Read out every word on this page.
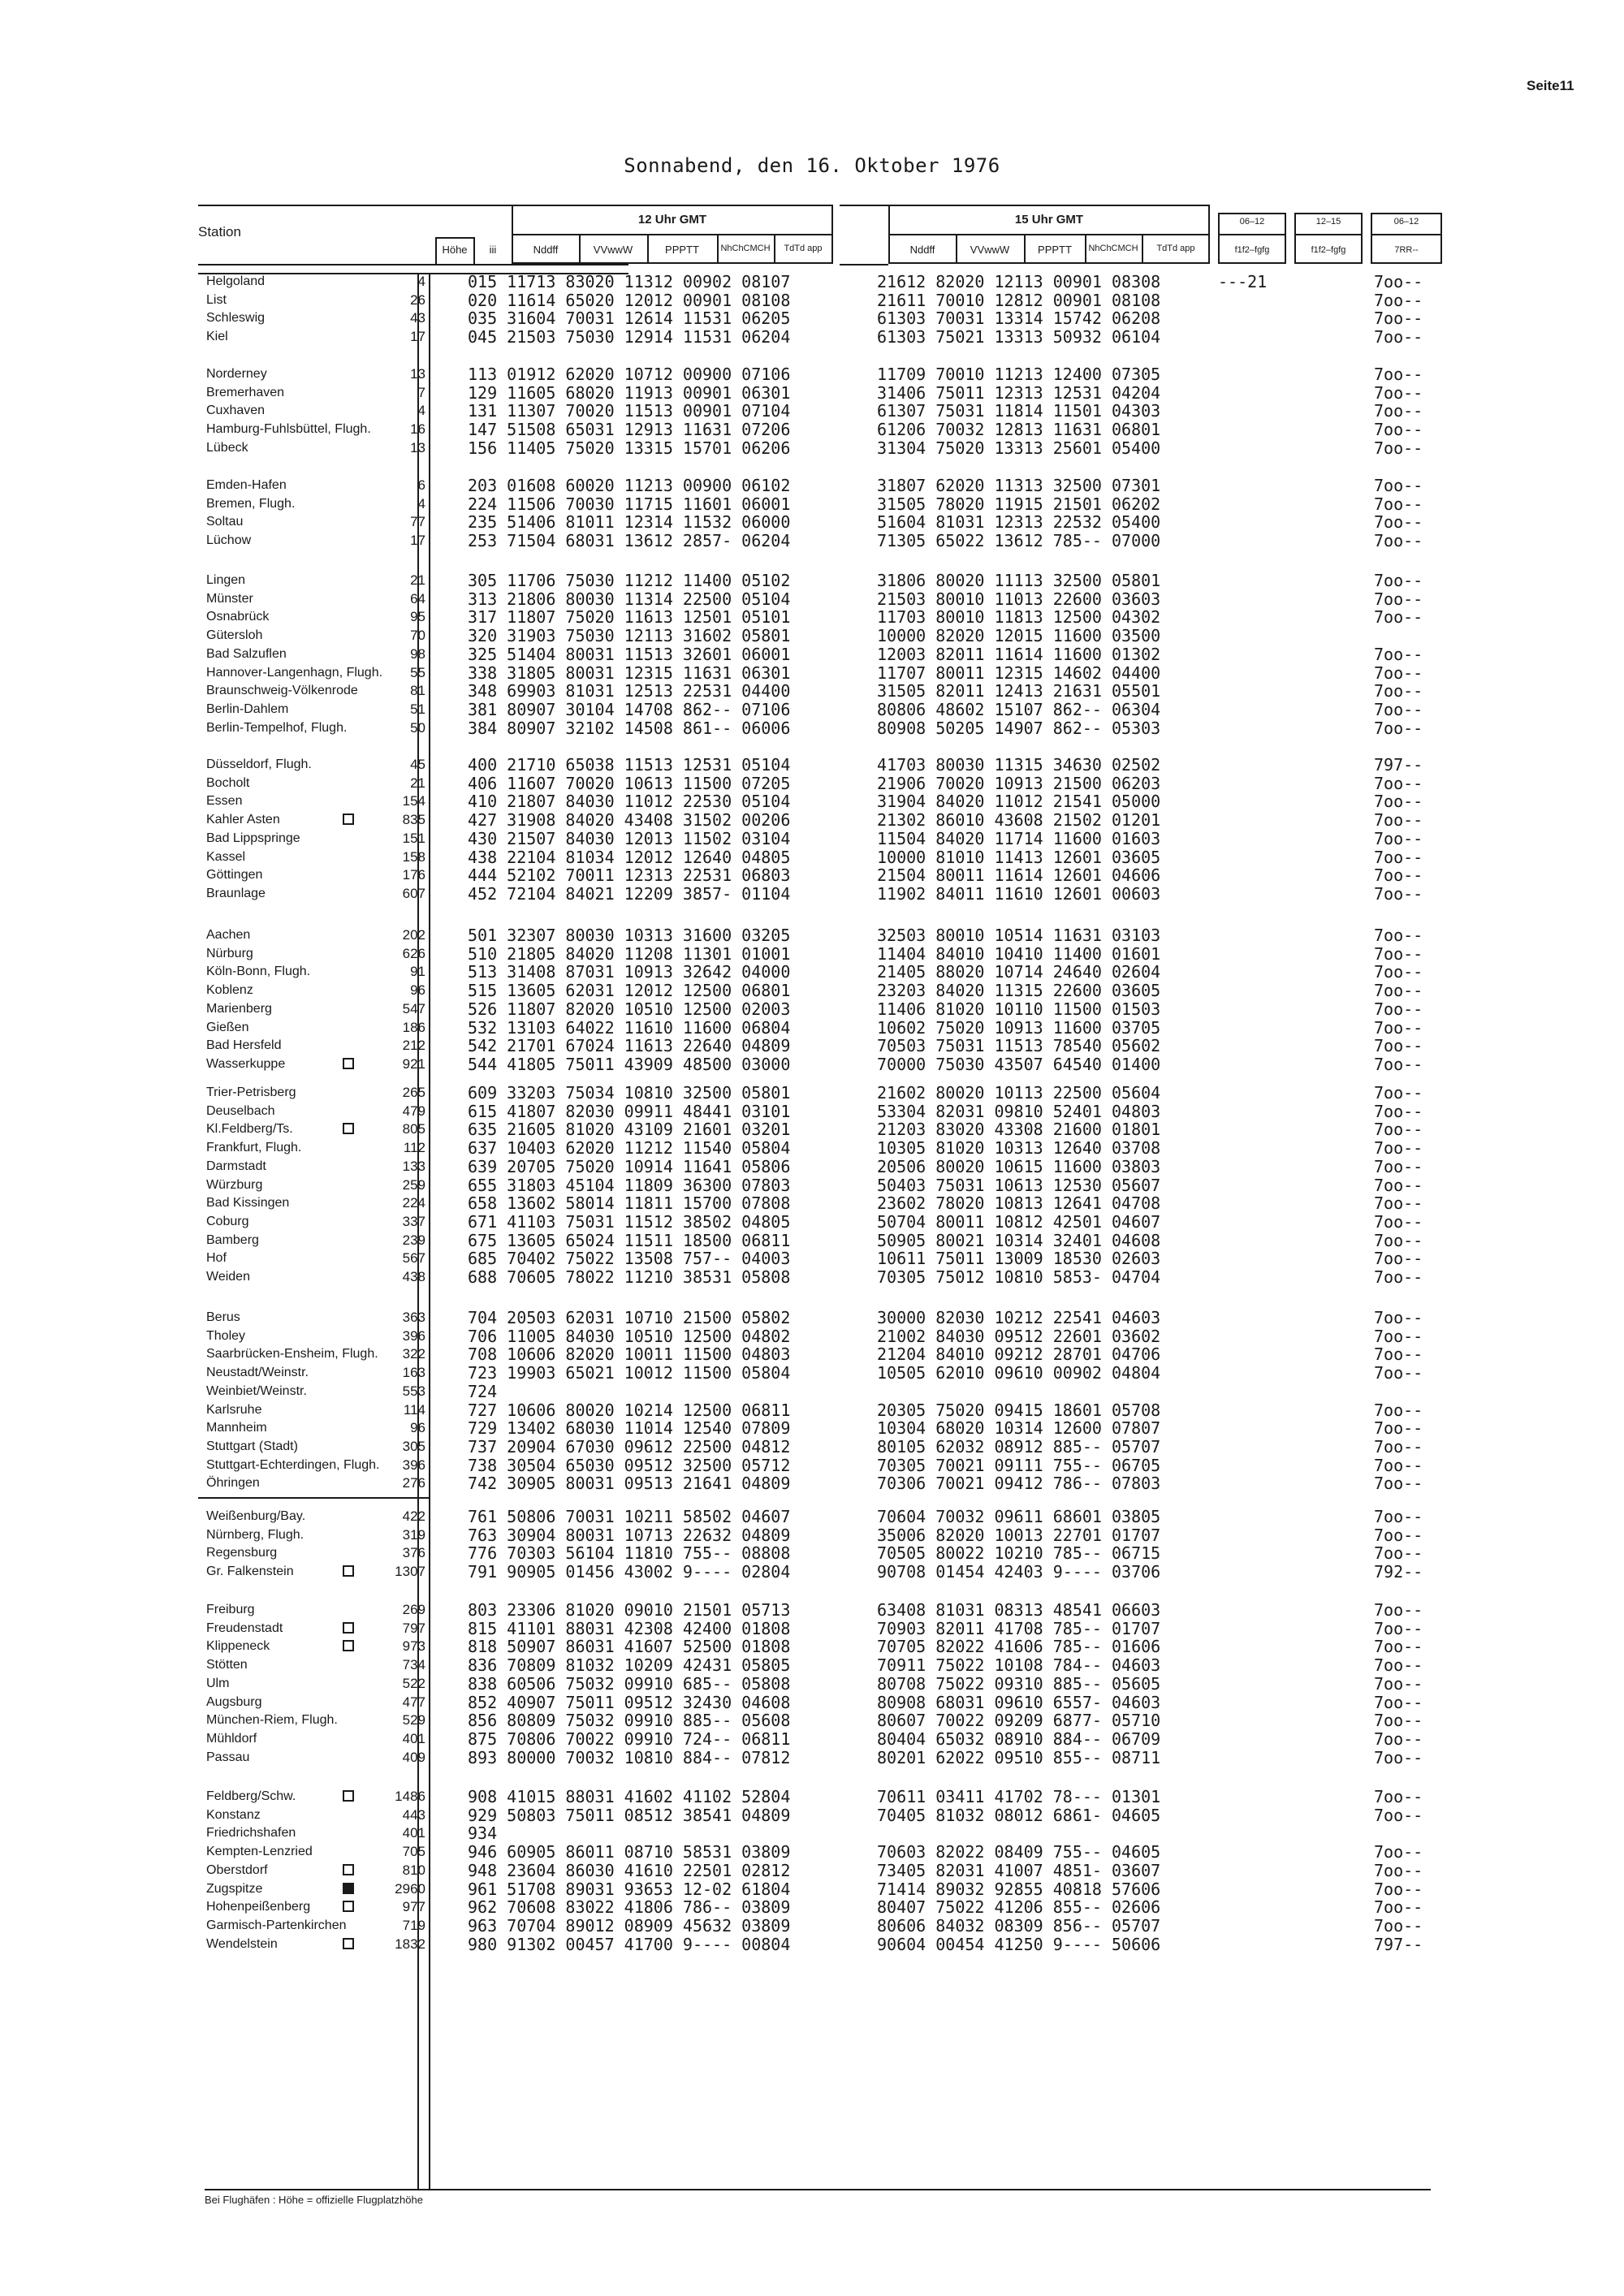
Seite11
Sonnabend, den 16. Oktober 1976
Station
Höhe	iii
12 Uhr GMT
Nddff	VVwwW	PPPTT	NhChCMCH	TdTd app
15 Uhr GMT
Nddff	VVwwW	PPPTT	NhChCMCH	TdTd app
06–12
f1f2–fgfg
12–15
f1f2–fgfg
06–12
7RR--
Bei Flughäfen : Höhe = offizielle Flugplatzhöhe
Helgoland	4	015 11713 83020 11312 00902 08107	21612 82020 12113 00901 08308	---21	7oo--
List	26	020 11614 65020 12012 00901 08108	21611 70010 12812 00901 08108	7oo--
Schleswig	43	035 31604 70031 12614 11531 06205	61303 70031 13314 15742 06208	7oo--
Kiel	17	045 21503 75030 12914 11531 06204	61303 75021 13313 50932 06104	7oo--
Norderney	13	113 01912 62020 10712 00900 07106	11709 70010 11213 12400 07305	7oo--
Bremerhaven	7	129 11605 68020 11913 00901 06301	31406 75011 12313 12531 04204	7oo--
Cuxhaven	4	131 11307 70020 11513 00901 07104	61307 75031 11814 11501 04303	7oo--
Hamburg-Fuhlsbüttel, Flugh.	16	147 51508 65031 12913 11631 07206	61206 70032 12813 11631 06801	7oo--
Lübeck	13	156 11405 75020 13315 15701 06206	31304 75020 13313 25601 05400	7oo--
Emden-Hafen	6	203 01608 60020 11213 00900 06102	31807 62020 11313 32500 07301	7oo--
Bremen, Flugh.	4	224 11506 70030 11715 11601 06001	31505 78020 11915 21501 06202	7oo--
Soltau	77	235 51406 81011 12314 11532 06000	51604 81031 12313 22532 05400	7oo--
Lüchow	17	253 71504 68031 13612 2857- 06204	71305 65022 13612 785-- 07000	7oo--
Lingen	21	305 11706 75030 11212 11400 05102	31806 80020 11113 32500 05801	7oo--
Münster	64	313 21806 80030 11314 22500 05104	21503 80010 11013 22600 03603	7oo--
Osnabrück	95	317 11807 75020 11613 12501 05101	11703 80010 11813 12500 04302	7oo--
Gütersloh	70	320 31903 75030 12113 31602 05801	10000 82020 12015 11600 03500
Bad Salzuflen	98	325 51404 80031 11513 32601 06001	12003 82011 11614 11600 01302	7oo--
Hannover-Langenhagn, Flugh.	55	338 31805 80031 12315 11631 06301	11707 80011 12315 14602 04400	7oo--
Braunschweig-Völkenrode	81	348 69903 81031 12513 22531 04400	31505 82011 12413 21631 05501	7oo--
Berlin-Dahlem	51	381 80907 30104 14708 862-- 07106	80806 48602 15107 862-- 06304	7oo--
Berlin-Tempelhof, Flugh.	50	384 80907 32102 14508 861-- 06006	80908 50205 14907 862-- 05303	7oo--
Düsseldorf, Flugh.	45	400 21710 65038 11513 12531 05104	41703 80030 11315 34630 02502	797--
Bocholt	21	406 11607 70020 10613 11500 07205	21906 70020 10913 21500 06203	7oo--
Essen	154	410 21807 84030 11012 22530 05104	31904 84020 11012 21541 05000	7oo--
Kahler Asten	835	427 31908 84020 43408 31502 00206	21302 86010 43608 21502 01201	7oo--
Bad Lippspringe	151	430 21507 84030 12013 11502 03104	11504 84020 11714 11600 01603	7oo--
Kassel	158	438 22104 81034 12012 12640 04805	10000 81010 11413 12601 03605	7oo--
Göttingen	176	444 52102 70011 12313 22531 06803	21504 80011 11614 12601 04606	7oo--
Braunlage	607	452 72104 84021 12209 3857- 01104	11902 84011 11610 12601 00603	7oo--
Aachen	202	501 32307 80030 10313 31600 03205	32503 80010 10514 11631 03103	7oo--
Nürburg	626	510 21805 84020 11208 11301 01001	11404 84010 10410 11400 01601	7oo--
Köln-Bonn, Flugh.	91	513 31408 87031 10913 32642 04000	21405 88020 10714 24640 02604	7oo--
Koblenz	96	515 13605 62031 12012 12500 06801	23203 84020 11315 22600 03605	7oo--
Marienberg	547	526 11807 82020 10510 12500 02003	11406 81020 10110 11500 01503	7oo--
Gießen	186	532 13103 64022 11610 11600 06804	10602 75020 10913 11600 03705	7oo--
Bad Hersfeld	212	542 21701 67024 11613 22640 04809	70503 75031 11513 78540 05602	7oo--
Wasserkuppe	921	544 41805 75011 43909 48500 03000	70000 75030 43507 64540 01400	7oo--
Trier-Petrisberg	265	609 33203 75034 10810 32500 05801	21602 80020 10113 22500 05604	7oo--
Deuselbach	479	615 41807 82030 09911 48441 03101	53304 82031 09810 52401 04803	7oo--
Kl.Feldberg/Ts.	805	635 21605 81020 43109 21601 03201	21203 83020 43308 21600 01801	7oo--
Frankfurt, Flugh.	112	637 10403 62020 11212 11540 05804	10305 81020 10313 12640 03708	7oo--
Darmstadt	133	639 20705 75020 10914 11641 05806	20506 80020 10615 11600 03803	7oo--
Würzburg	259	655 31803 45104 11809 36300 07803	50403 75031 10613 12530 05607	7oo--
Bad Kissingen	224	658 13602 58014 11811 15700 07808	23602 78020 10813 12641 04708	7oo--
Coburg	337	671 41103 75031 11512 38502 04805	50704 80011 10812 42501 04607	7oo--
Bamberg	239	675 13605 65024 11511 18500 06811	50905 80021 10314 32401 04608	7oo--
Hof	567	685 70402 75022 13508 757-- 04003	10611 75011 13009 18530 02603	7oo--
Weiden	438	688 70605 78022 11210 38531 05808	70305 75012 10810 5853- 04704	7oo--
Berus	363	704 20503 62031 10710 21500 05802	30000 82030 10212 22541 04603	7oo--
Tholey	396	706 11005 84030 10510 12500 04802	21002 84030 09512 22601 03602	7oo--
Saarbrücken-Ensheim, Flugh.	322	708 10606 82020 10011 11500 04803	21204 84010 09212 28701 04706	7oo--
Neustadt/Weinstr.	163	723 19903 65021 10012 11500 05804	10505 62010 09610 00902 04804	7oo--
Weinbiet/Weinstr.	553	724
Karlsruhe	114	727 10606 80020 10214 12500 06811	20305 75020 09415 18601 05708	7oo--
Mannheim	96	729 13402 68030 11014 12540 07809	10304 68020 10314 12600 07807	7oo--
Stuttgart (Stadt)	305	737 20904 67030 09612 22500 04812	80105 62032 08912 885-- 05707	7oo--
Stuttgart-Echterdingen, Flugh.	396	738 30504 65030 09512 32500 05712	70305 70021 09111 755-- 06705	7oo--
Öhringen	276	742 30905 80031 09513 21641 04809	70306 70021 09412 786-- 07803	7oo--
Weißenburg/Bay.	422	761 50806 70031 10211 58502 04607	70604 70032 09611 68601 03805	7oo--
Nürnberg, Flugh.	319	763 30904 80031 10713 22632 04809	35006 82020 10013 22701 01707	7oo--
Regensburg	376	776 70303 56104 11810 755-- 08808	70505 80022 10210 785-- 06715	7oo--
Gr. Falkenstein	1307	791 90905 01456 43002 9---- 02804	90708 01454 42403 9---- 03706	792--
Freiburg	269	803 23306 81020 09010 21501 05713	63408 81031 08313 48541 06603	7oo--
Freudenstadt	797	815 41101 88031 42308 42400 01808	70903 82011 41708 785-- 01707	7oo--
Klippeneck	973	818 50907 86031 41607 52500 01808	70705 82022 41606 785-- 01606	7oo--
Stötten	734	836 70809 81032 10209 42431 05805	70911 75022 10108 784-- 04603	7oo--
Ulm	522	838 60506 75032 09910 685-- 05808	80708 75022 09310 885-- 05605	7oo--
Augsburg	477	852 40907 75011 09512 32430 04608	80908 68031 09610 6557- 04603	7oo--
München-Riem, Flugh.	529	856 80809 75032 09910 885-- 05608	80607 70022 09209 6877- 05710	7oo--
Mühldorf	401	875 70806 70022 09910 724-- 06811	80404 65032 08910 884-- 06709	7oo--
Passau	409	893 80000 70032 10810 884-- 07812	80201 62022 09510 855-- 08711	7oo--
Feldberg/Schw.	1486	908 41015 88031 41602 41102 52804	70611 03411 41702 78--- 01301	7oo--
Konstanz	443	929 50803 75011 08512 38541 04809	70405 81032 08012 6861- 04605	7oo--
Friedrichshafen	401	934
Kempten-Lenzried	705	946 60905 86011 08710 58531 03809	70603 82022 08409 755-- 04605	7oo--
Oberstdorf	810	948 23604 86030 41610 22501 02812	73405 82031 41007 4851- 03607	7oo--
Zugspitze	2960	961 51708 89031 93653 12-02 61804	71414 89032 92855 40818 57606	7oo--
Hohenpeißenberg	977	962 70608 83022 41806 786-- 03809	80407 75022 41206 855-- 02606	7oo--
Garmisch-Partenkirchen	719	963 70704 89012 08909 45632 03809	80606 84032 08309 856-- 05707	7oo--
Wendelstein	1832	980 91302 00457 41700 9---- 00804	90604 00454 41250 9---- 50606	797--
